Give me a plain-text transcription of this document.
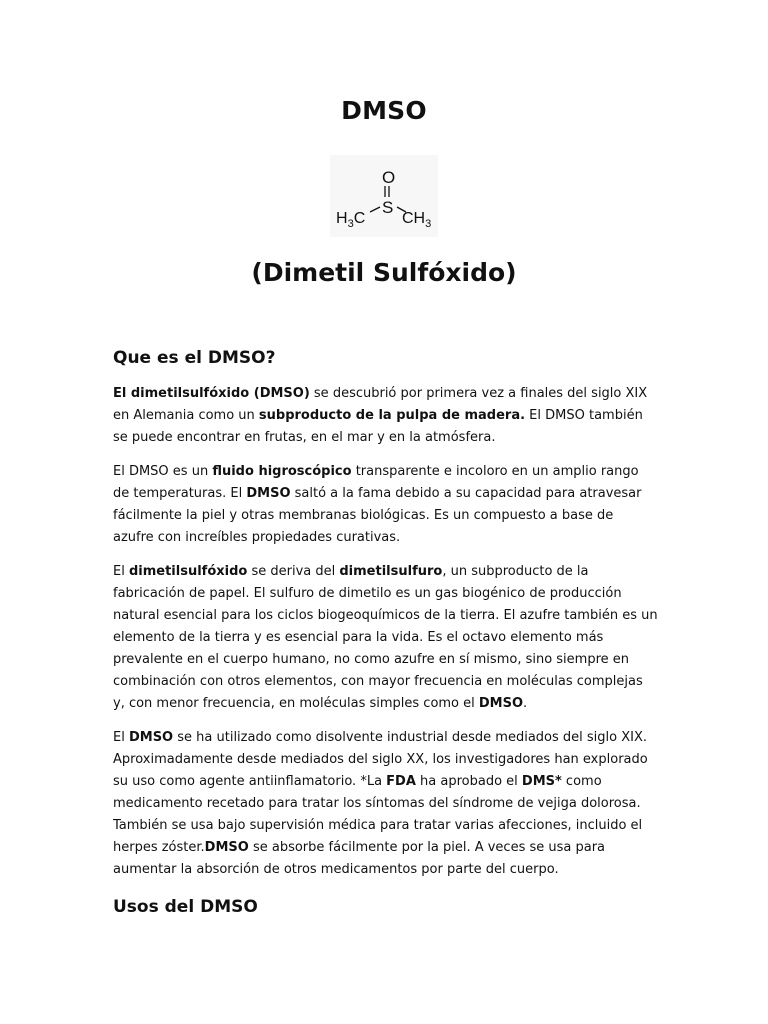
DMSO
O
S
$H_3C$ $CH_3$
(Dimetil Sulfóxido)
Que es el DMSO?

El dimetilsulfóxido (DMSO) se descubrió por primera vez a finales del siglo XIX en Alemania como un subproducto de la pulpa de madera. El DMSO también se puede encontrar en frutas, en el mar y en la atmósfera.

El DMSO es un fluido higroscópico transparente e incoloro en un amplio rango de temperaturas. El DMSO saltó a la fama debido a su capacidad para atravesar fácilmente la piel y otras membranas biológicas. Es un compuesto a base de azufre con increíbles propiedades curativas.

El dimetilsulfóxido se deriva del dimetilsulfuro, un subproducto de la fabricación de papel. El sulfuro de dimetilo es un gas biogénico de producción natural esencial para los ciclos biogeoquímicos de la tierra. El azufre también es un elemento de la tierra y es esencial para la vida. Es el octavo elemento más prevalente en el cuerpo humano, no como azufre en sí mismo, sino siempre en combinación con otros elementos, con mayor frecuencia en moléculas complejas y, con menor frecuencia, en moléculas simples como el DMSO.

El DMSO se ha utilizado como disolvente industrial desde mediados del siglo XIX. Aproximadamente desde mediados del siglo XX, los investigadores han explorado su uso como agente antiinflamatorio. *La FDA ha aprobado el DMS* como medicamento recetado para tratar los síntomas del síndrome de vejiga dolorosa. También se usa bajo supervisión médica para tratar varias afecciones, incluido el herpes zóster.DMSO se absorbe fácilmente por la piel. A veces se usa para aumentar la absorción de otros medicamentos por parte del cuerpo.

Usos del DMSO
